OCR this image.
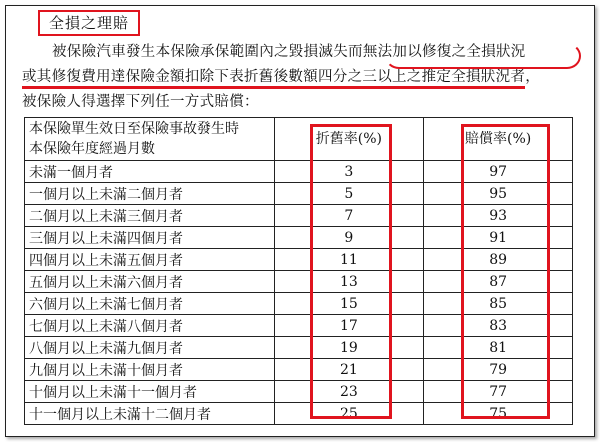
全損之理賠
被保險汽車發生本保險承保範圍內之毀損滅失而無法加以修復之全損狀況
或其修復費用達保險金額扣除下表折舊後數額四分之三以上之推定全損狀況者，
被保險人得選擇下列任一方式賠償：
本保險單生效日至保險事故發生時
本保險年度經過月數	折舊率(%)	賠償率(%)
未滿一個月者	3	97
一個月以上未滿二個月者	5	95
二個月以上未滿三個月者	7	93
三個月以上未滿四個月者	9	91
四個月以上未滿五個月者	11	89
五個月以上未滿六個月者	13	87
六個月以上未滿七個月者	15	85
七個月以上未滿八個月者	17	83
八個月以上未滿九個月者	19	81
九個月以上未滿十個月者	21	79
十個月以上未滿十一個月者	23	77
十一個月以上未滿十二個月者	25	75
